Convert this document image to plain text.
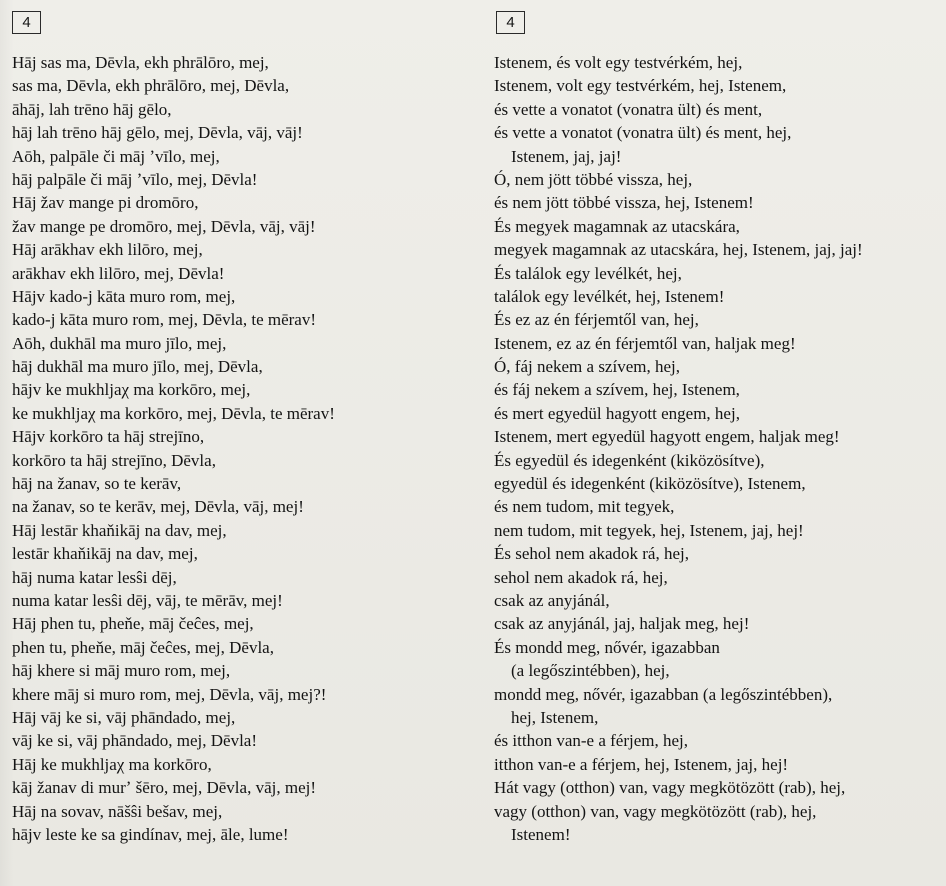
4
Hāj sas ma, Dēvla, ekh phrālōro, mej,
sas ma, Dēvla, ekh phrālōro, mej, Dēvla,
āhāj, lah trēno hāj gēlo,
hāj lah trēno hāj gēlo, mej, Dēvla, vāj, vāj!
Aōh, palpāle či māj ʼvīlo, mej,
hāj palpāle či māj ʼvīlo, mej, Dēvla!
Hāj žav mange pi dromōro,
žav mange pe dromōro, mej, Dēvla, vāj, vāj!
Hāj arākhav ekh lilōro, mej,
arākhav ekh lilōro, mej, Dēvla!
Hājv kado-j kāta muro rom, mej,
kado-j kāta muro rom, mej, Dēvla, te mērav!
Aōh, dukhāl ma muro jīlo, mej,
hāj dukhāl ma muro jīlo, mej, Dēvla,
hājv ke mukhljaχ ma korkōro, mej,
ke mukhljaχ ma korkōro, mej, Dēvla, te mērav!
Hājv korkōro ta hāj strejīno,
korkōro ta hāj strejīno, Dēvla,
hāj na žanav, so te kerāv,
na žanav, so te kerāv, mej, Dēvla, vāj, mej!
Hāj lestār khaňikāj na dav, mej,
lestār khaňikāj na dav, mej,
hāj numa katar lesŝi dēj,
numa katar lesŝi dēj, vāj, te mērāv, mej!
Hāj phen tu, pheňe, māj čeĉes, mej,
phen tu, pheňe, māj čeĉes, mej, Dēvla,
hāj khere si māj muro rom, mej,
khere māj si muro rom, mej, Dēvla, vāj, mej?!
Hāj vāj ke si, vāj phāndado, mej,
vāj ke si, vāj phāndado, mej, Dēvla!
Hāj ke mukhljaχ ma korkōro,
kāj žanav di murʼ šēro, mej, Dēvla, vāj, mej!
Hāj na sovav, nāšŝi bešav, mej,
hājv leste ke sa gindínav, mej, āle, lume!
4
Istenem, és volt egy testvérkém, hej,
Istenem, volt egy testvérkém, hej, Istenem,
és vette a vonatot (vonatra ült) és ment,
és vette a vonatot (vonatra ült) és ment, hej,
Istenem, jaj, jaj!
Ó, nem jött többé vissza, hej,
és nem jött többé vissza, hej, Istenem!
És megyek magamnak az utacskára,
megyek magamnak az utacskára, hej, Istenem, jaj, jaj!
És találok egy levélkét, hej,
találok egy levélkét, hej, Istenem!
És ez az én férjemtől van, hej,
Istenem, ez az én férjemtől van, haljak meg!
Ó, fáj nekem a szívem, hej,
és fáj nekem a szívem, hej, Istenem,
és mert egyedül hagyott engem, hej,
Istenem, mert egyedül hagyott engem, haljak meg!
És egyedül és idegenként (kiközösítve),
egyedül és idegenként (kiközösítve), Istenem,
és nem tudom, mit tegyek,
nem tudom, mit tegyek, hej, Istenem, jaj, hej!
És sehol nem akadok rá, hej,
sehol nem akadok rá, hej,
csak az anyjánál,
csak az anyjánál, jaj, haljak meg, hej!
És mondd meg, nővér, igazabban
(a legőszintébben), hej,
mondd meg, nővér, igazabban (a legőszintébben),
hej, Istenem,
és itthon van-e a férjem, hej,
itthon van-e a férjem, hej, Istenem, jaj, hej!
Hát vagy (otthon) van, vagy megkötözött (rab), hej,
vagy (otthon) van, vagy megkötözött (rab), hej,
Istenem!
